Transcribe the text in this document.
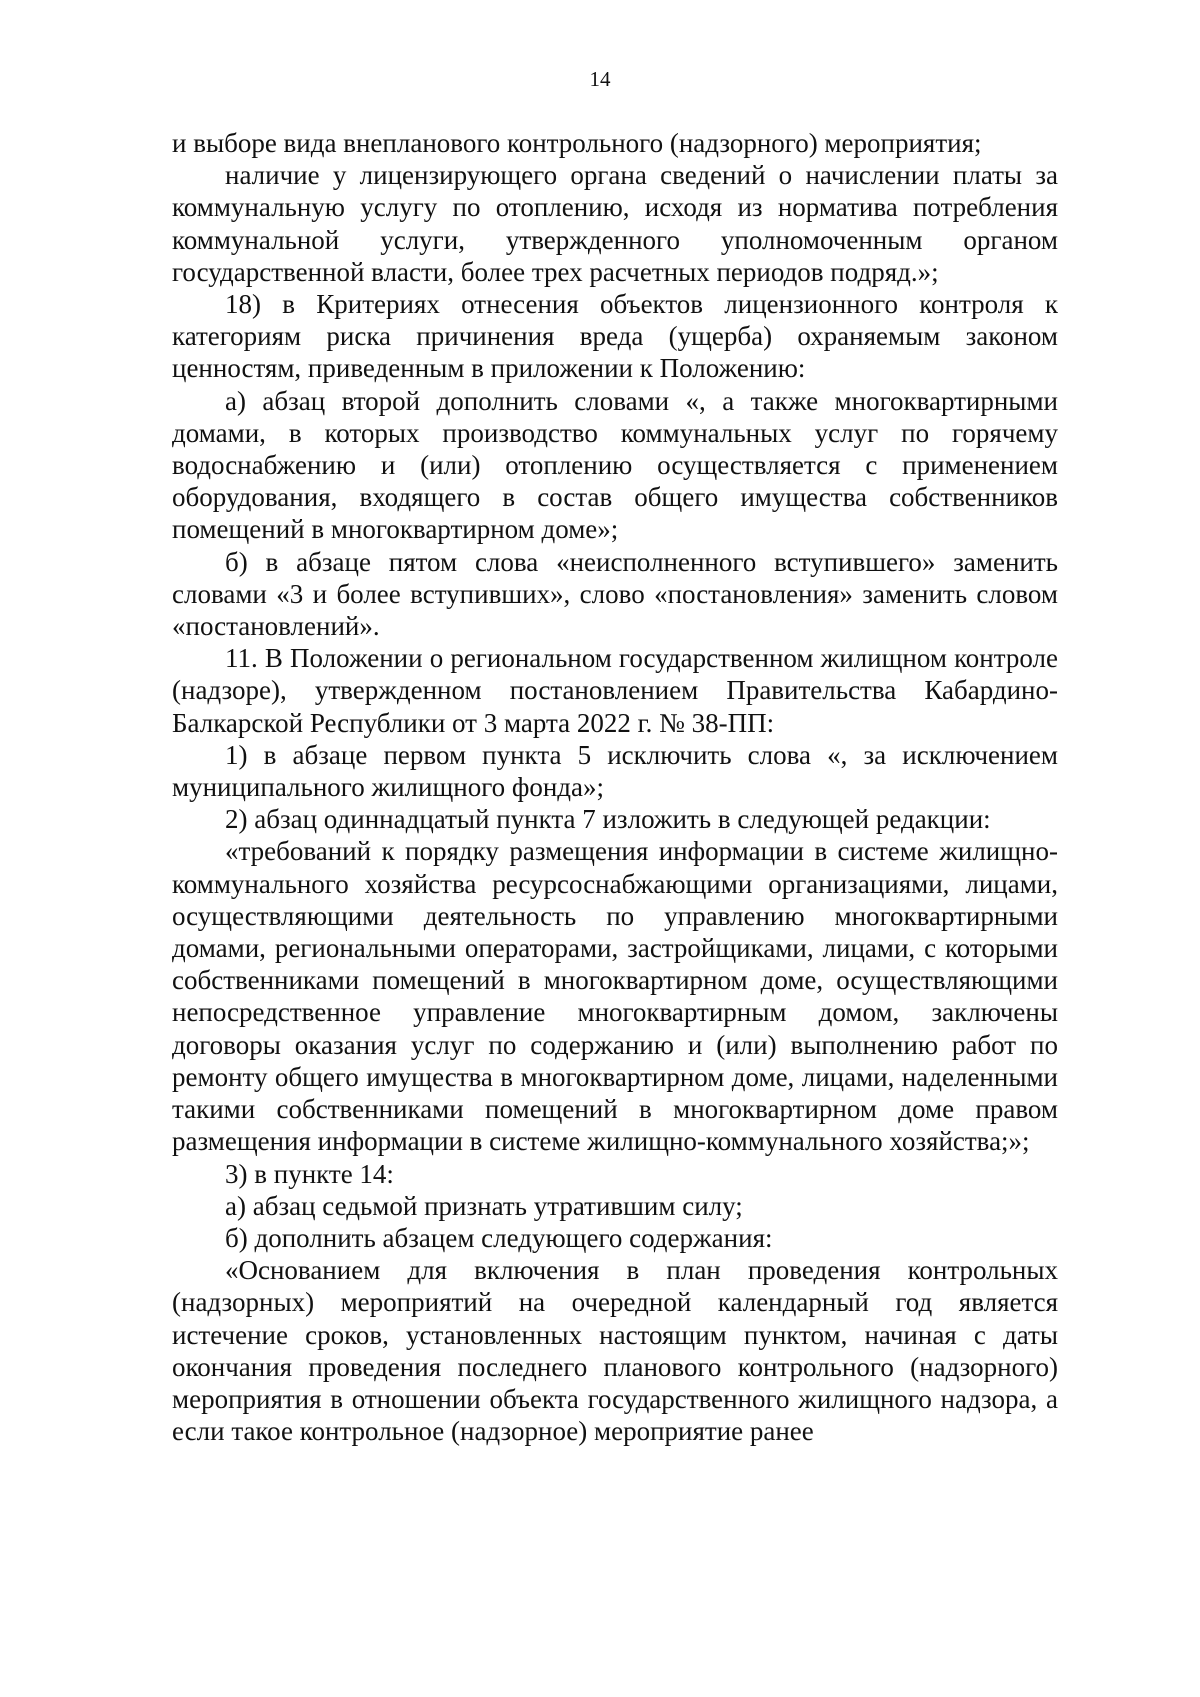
14

и выборе вида внепланового контрольного (надзорного) мероприятия;

наличие у лицензирующего органа сведений о начислении платы за коммунальную услугу по отоплению, исходя из норматива потребления коммунальной услуги, утвержденного уполномоченным органом государственной власти, более трех расчетных периодов подряд.»;

18) в Критериях отнесения объектов лицензионного контроля к категориям риска причинения вреда (ущерба) охраняемым законом ценностям, приведенным в приложении к Положению:

а) абзац второй дополнить словами «, а также многоквартирными домами, в которых производство коммунальных услуг по горячему водоснабжению и (или) отоплению осуществляется с применением оборудования, входящего в состав общего имущества собственников помещений в многоквартирном доме»;

б) в абзаце пятом слова «неисполненного вступившего» заменить словами «3 и более вступивших», слово «постановления» заменить словом «постановлений».

11. В Положении о региональном государственном жилищном контроле (надзоре), утвержденном постановлением Правительства Кабардино-Балкарской Республики от 3 марта 2022 г. № 38-ПП:

1) в абзаце первом пункта 5 исключить слова «, за исключением муниципального жилищного фонда»;

2) абзац одиннадцатый пункта 7 изложить в следующей редакции:

«требований к порядку размещения информации в системе жилищно-коммунального хозяйства ресурсоснабжающими организациями, лицами, осуществляющими деятельность по управлению многоквартирными домами, региональными операторами, застройщиками, лицами, с которыми собственниками помещений в многоквартирном доме, осуществляющими непосредственное управление многоквартирным домом, заключены договоры оказания услуг по содержанию и (или) выполнению работ по ремонту общего имущества в многоквартирном доме, лицами, наделенными такими собственниками помещений в многоквартирном доме правом размещения информации в системе жилищно-коммунального хозяйства;»;

3) в пункте 14:

а) абзац седьмой признать утратившим силу;

б) дополнить абзацем следующего содержания:

«Основанием для включения в план проведения контрольных (надзорных) мероприятий на очередной календарный год является истечение сроков, установленных настоящим пунктом, начиная с даты окончания проведения последнего планового контрольного (надзорного) мероприятия в отношении объекта государственного жилищного надзора, а если такое контрольное (надзорное) мероприятие ранее
